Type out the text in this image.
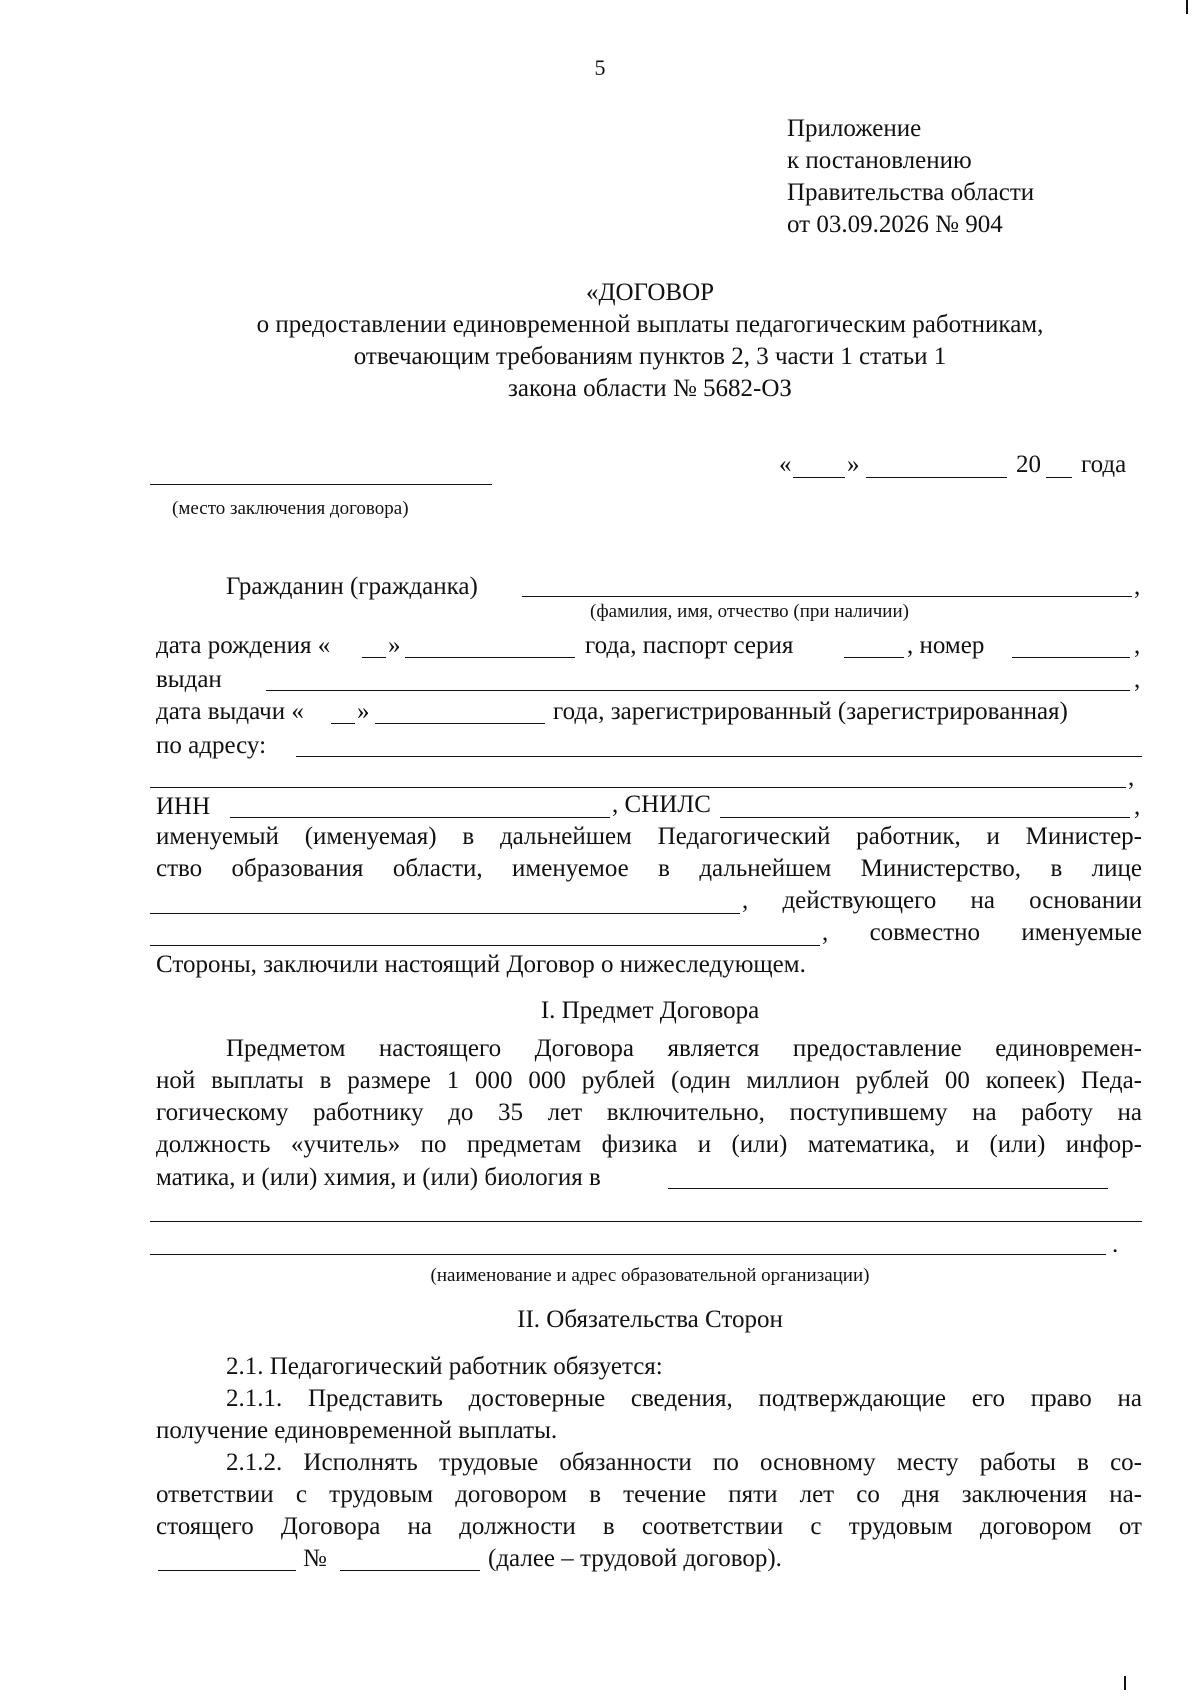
5
Приложение
к постановлению
Правительства области
от 03.09.2026 № 904
«ДОГОВОР
о предоставлении единовременной выплаты педагогическим работникам,
отвечающим требованиям пунктов 2, 3 части 1 статьи 1
закона области № 5682-ОЗ
(место заключения договора)
« »	20 года
Гражданин (гражданка)	,
(фамилия, имя, отчество (при наличии)
дата рождения « »	года, паспорт серия	, номер	,
выдан	,
дата выдачи « »	года, зарегистрированный (зарегистрированная)
по адресу:
,
ИНН	, СНИЛС	,
именуемый (именуемая) в дальнейшем Педагогический работник, и Министер-
ство образования области, именуемое в дальнейшем Министерство, в лице
, действующего на основании
, совместно именуемые
Стороны, заключили настоящий Договор о нижеследующем.
I. Предмет Договора
Предметом настоящего Договора является предоставление единовремен-
ной выплаты в размере 1 000 000 рублей (один миллион рублей 00 копеек) Педа-
гогическому работнику до 35 лет включительно, поступившему на работу на
должность «учитель» по предметам физика и (или) математика, и (или) инфор-
матика, и (или) химия, и (или) биология в
.
(наименование и адрес образовательной организации)
II. Обязательства Сторон
2.1. Педагогический работник обязуется:
2.1.1. Представить достоверные сведения, подтверждающие его право на
получение единовременной выплаты.
2.1.2. Исполнять трудовые обязанности по основному месту работы в со-
ответствии с трудовым договором в течение пяти лет со дня заключения на-
стоящего Договора на должности в соответствии с трудовым договором от
№	(далее – трудовой договор).
